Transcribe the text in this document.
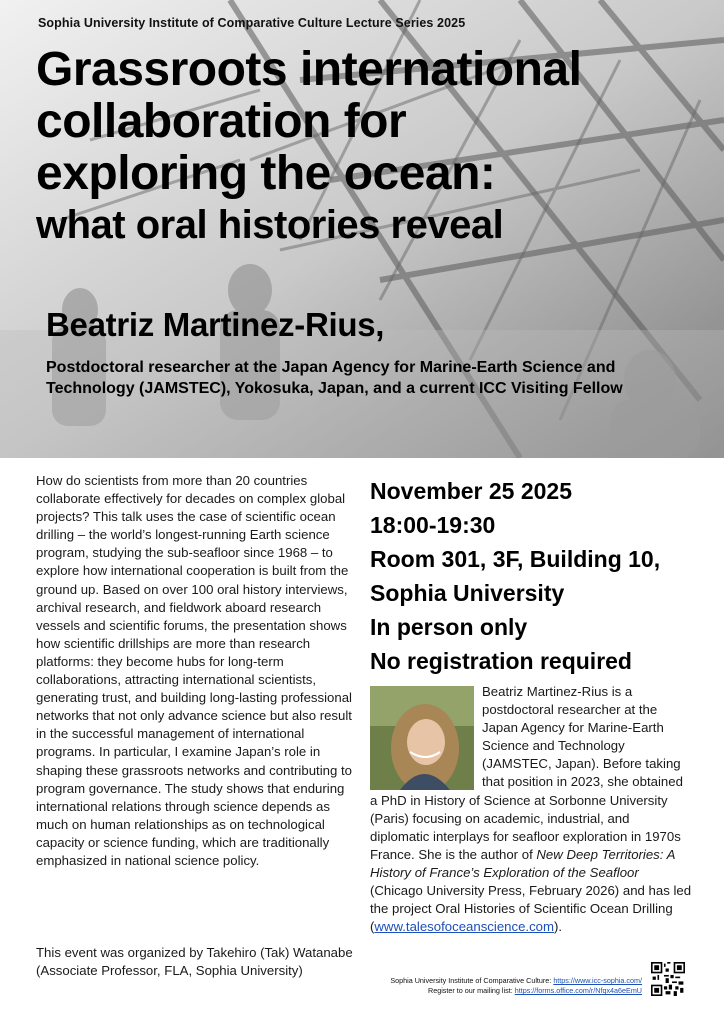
Sophia University Institute of Comparative Culture Lecture Series 2025
Grassroots international
collaboration for
exploring the ocean:
what oral histories reveal
Beatriz Martinez-Rius,
Postdoctoral researcher at the Japan Agency for Marine-Earth Science and Technology (JAMSTEC), Yokosuka, Japan, and a current ICC Visiting Fellow

How do scientists from more than 20 countries collaborate effectively for decades on complex global projects? This talk uses the case of scientific ocean drilling – the world’s longest-running Earth science program, studying the sub-seafloor since 1968 – to explore how international cooperation is built from the ground up. Based on over 100 oral history interviews, archival research, and fieldwork aboard research vessels and scientific forums, the presentation shows how scientific drillships are more than research platforms: they become hubs for long-term collaborations, attracting international scientists, generating trust, and building long-lasting professional networks that not only advance science but also result in the successful management of international programs. In particular, I examine Japan’s role in shaping these grassroots networks and contributing to program governance. The study shows that enduring international relations through science depends as much on human relationships as on technological capacity or science funding, which are traditionally emphasized in national science policy.

This event was organized by Takehiro (Tak) Watanabe (Associate Professor, FLA, Sophia University)

November 25 2025
18:00-19:30
Room 301, 3F, Building 10,
Sophia University
In person only
No registration required

Beatriz Martinez-Rius is a postdoctoral researcher at the Japan Agency for Marine-Earth Science and Technology (JAMSTEC, Japan). Before taking that position in 2023, she obtained a PhD in History of Science at Sorbonne University (Paris) focusing on academic, industrial, and diplomatic interplays for seafloor exploration in 1970s France. She is the author of New Deep Territories: A History of France’s Exploration of the Seafloor (Chicago University Press, February 2026) and has led the project Oral Histories of Scientific Ocean Drilling (www.talesofoceanscience.com).

Sophia University Institute of Comparative Culture: https://www.icc-sophia.com/
Register to our mailing list: https://forms.office.com/r/Nfqx4a6eEmU
